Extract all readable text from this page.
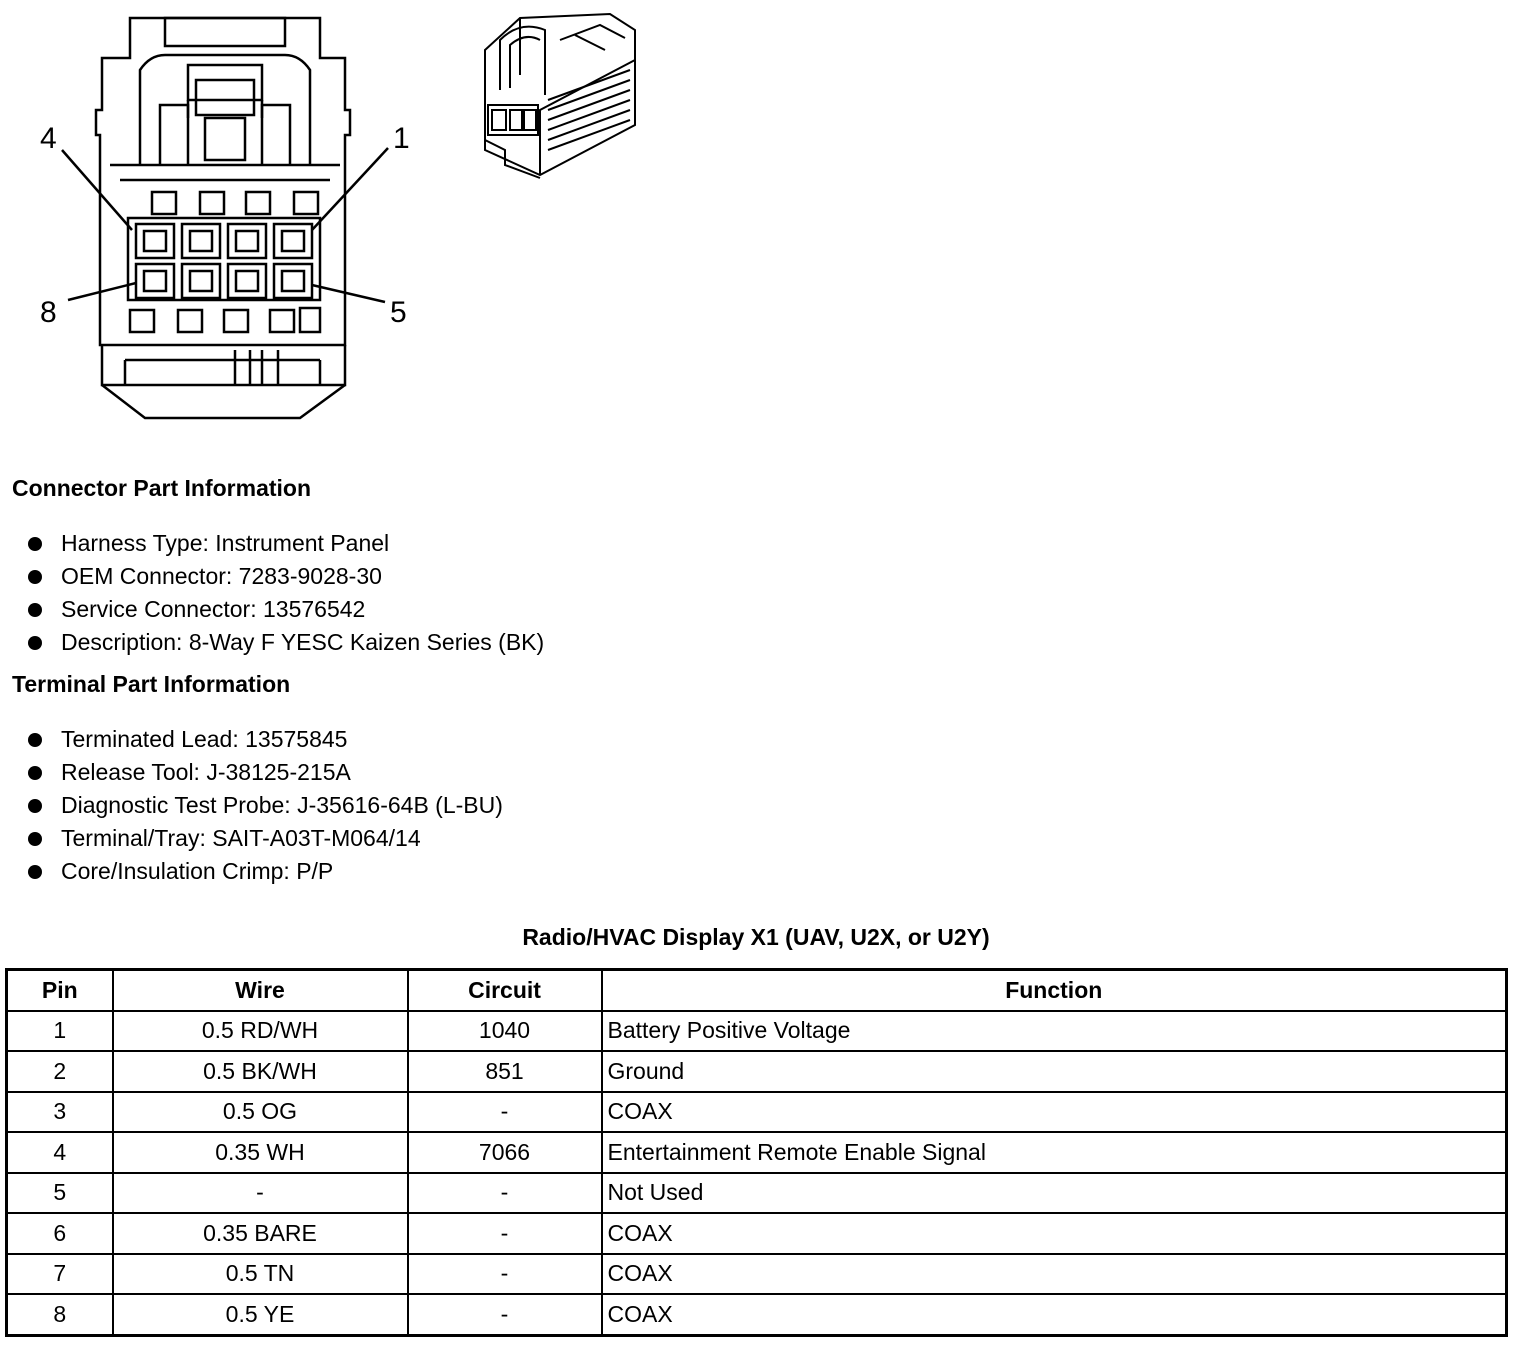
4	1
8	5
Connector Part Information
Harness Type: Instrument Panel
OEM Connector: 7283-9028-30
Service Connector: 13576542
Description: 8-Way F YESC Kaizen Series (BK)
Terminal Part Information
Terminated Lead: 13575845
Release Tool: J-38125-215A
Diagnostic Test Probe: J-35616-64B (L-BU)
Terminal/Tray: SAIT-A03T-M064/14
Core/Insulation Crimp: P/P
Radio/HVAC Display X1 (UAV, U2X, or U2Y)
Pin	Wire	Circuit	Function
1	0.5 RD/WH	1040	Battery Positive Voltage
2	0.5 BK/WH	851	Ground
3	0.5 OG	-	COAX
4	0.35 WH	7066	Entertainment Remote Enable Signal
5	-	-	Not Used
6	0.35 BARE	-	COAX
7	0.5 TN	-	COAX
8	0.5 YE	-	COAX
